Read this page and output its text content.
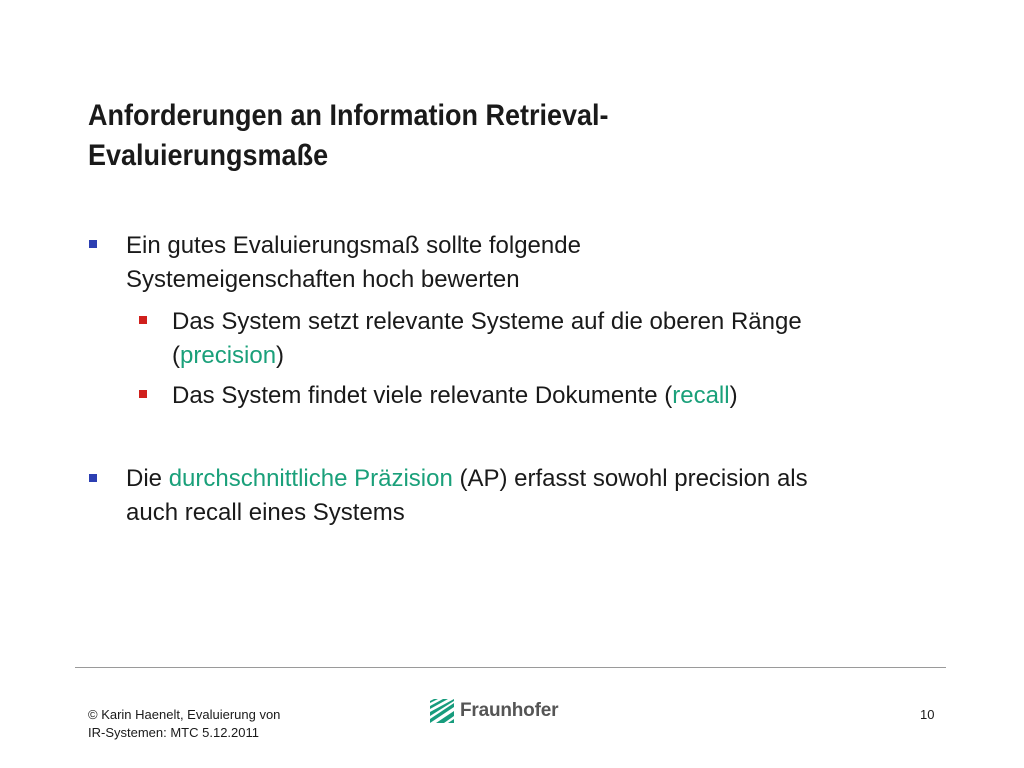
Anforderungen an Information Retrieval-
Evaluierungsmaße
Ein gutes Evaluierungsmaß sollte folgende
Systemeigenschaften hoch bewerten
Das System setzt relevante Systeme auf die oberen Ränge
(precision)
Das System findet viele relevante Dokumente (recall)
Die durchschnittliche Präzision (AP) erfasst sowohl precision als
auch recall eines Systems
© Karin Haenelt, Evaluierung von
IR-Systemen: MTC 5.12.2011
Fraunhofer	10
